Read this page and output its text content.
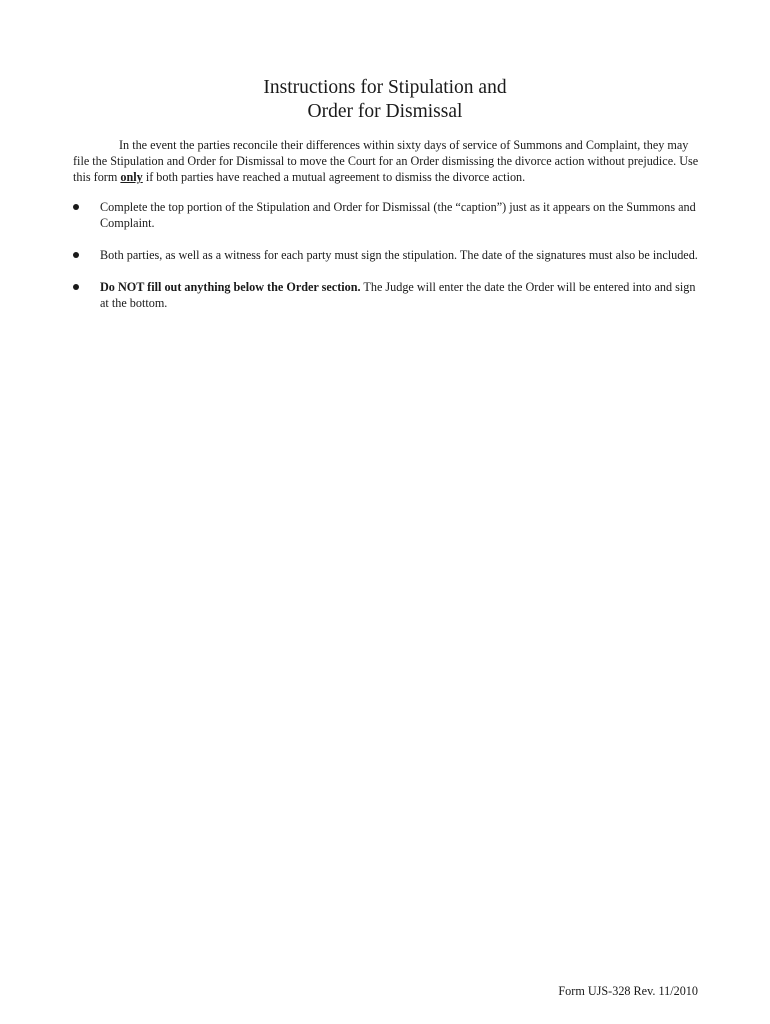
Instructions for Stipulation and
Order for Dismissal

In the event the parties reconcile their differences within sixty days of service of Summons and Complaint, they may file the Stipulation and Order for Dismissal to move the Court for an Order dismissing the divorce action without prejudice. Use this form only if both parties have reached a mutual agreement to dismiss the divorce action.

Complete the top portion of the Stipulation and Order for Dismissal (the “caption”) just as it appears on the Summons and Complaint.
Both parties, as well as a witness for each party must sign the stipulation. The date of the signatures must also be included.
Do NOT fill out anything below the Order section. The Judge will enter the date the Order will be entered into and sign at the bottom.
Form UJS-328 Rev. 11/2010
